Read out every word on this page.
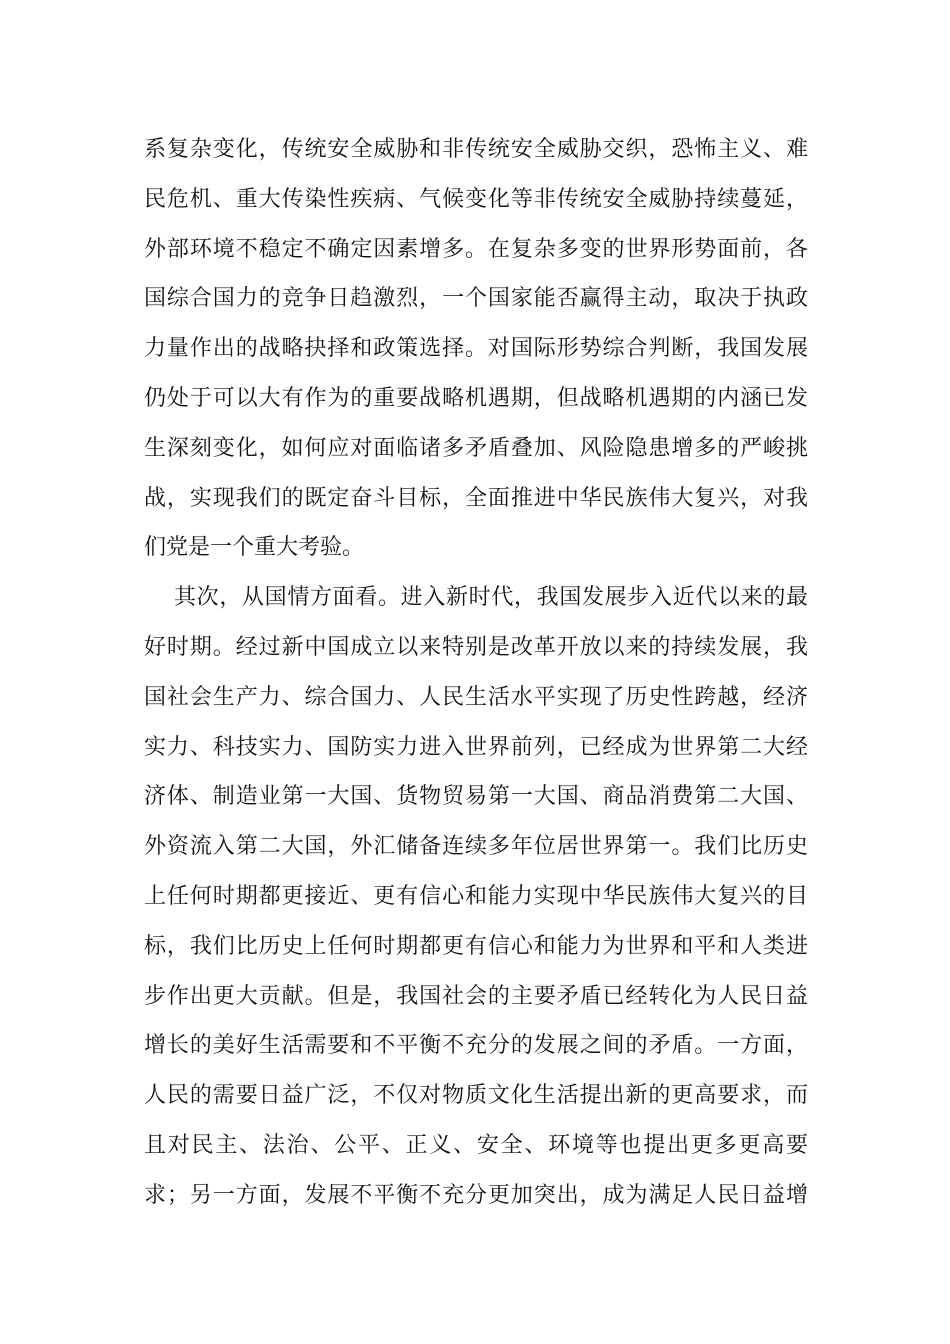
系复杂变化，传统安全威胁和非传统安全威胁交织，恐怖主义、难
民危机、重大传染性疾病、气候变化等非传统安全威胁持续蔓延，
外部环境不稳定不确定因素增多。在复杂多变的世界形势面前，各
国综合国力的竞争日趋激烈，一个国家能否赢得主动，取决于执政
力量作出的战略抉择和政策选择。对国际形势综合判断，我国发展
仍处于可以大有作为的重要战略机遇期，但战略机遇期的内涵已发
生深刻变化，如何应对面临诸多矛盾叠加、风险隐患增多的严峻挑
战，实现我们的既定奋斗目标，全面推进中华民族伟大复兴，对我
们党是一个重大考验。
其次，从国情方面看。进入新时代，我国发展步入近代以来的最
好时期。经过新中国成立以来特别是改革开放以来的持续发展，我
国社会生产力、综合国力、人民生活水平实现了历史性跨越，经济
实力、科技实力、国防实力进入世界前列，已经成为世界第二大经
济体、制造业第一大国、货物贸易第一大国、商品消费第二大国、
外资流入第二大国，外汇储备连续多年位居世界第一。我们比历史
上任何时期都更接近、更有信心和能力实现中华民族伟大复兴的目
标，我们比历史上任何时期都更有信心和能力为世界和平和人类进
步作出更大贡献。但是，我国社会的主要矛盾已经转化为人民日益
增长的美好生活需要和不平衡不充分的发展之间的矛盾。一方面，
人民的需要日益广泛，不仅对物质文化生活提出新的更高要求，而
且对民主、法治、公平、正义、安全、环境等也提出更多更高要
求；另一方面，发展不平衡不充分更加突出，成为满足人民日益增
